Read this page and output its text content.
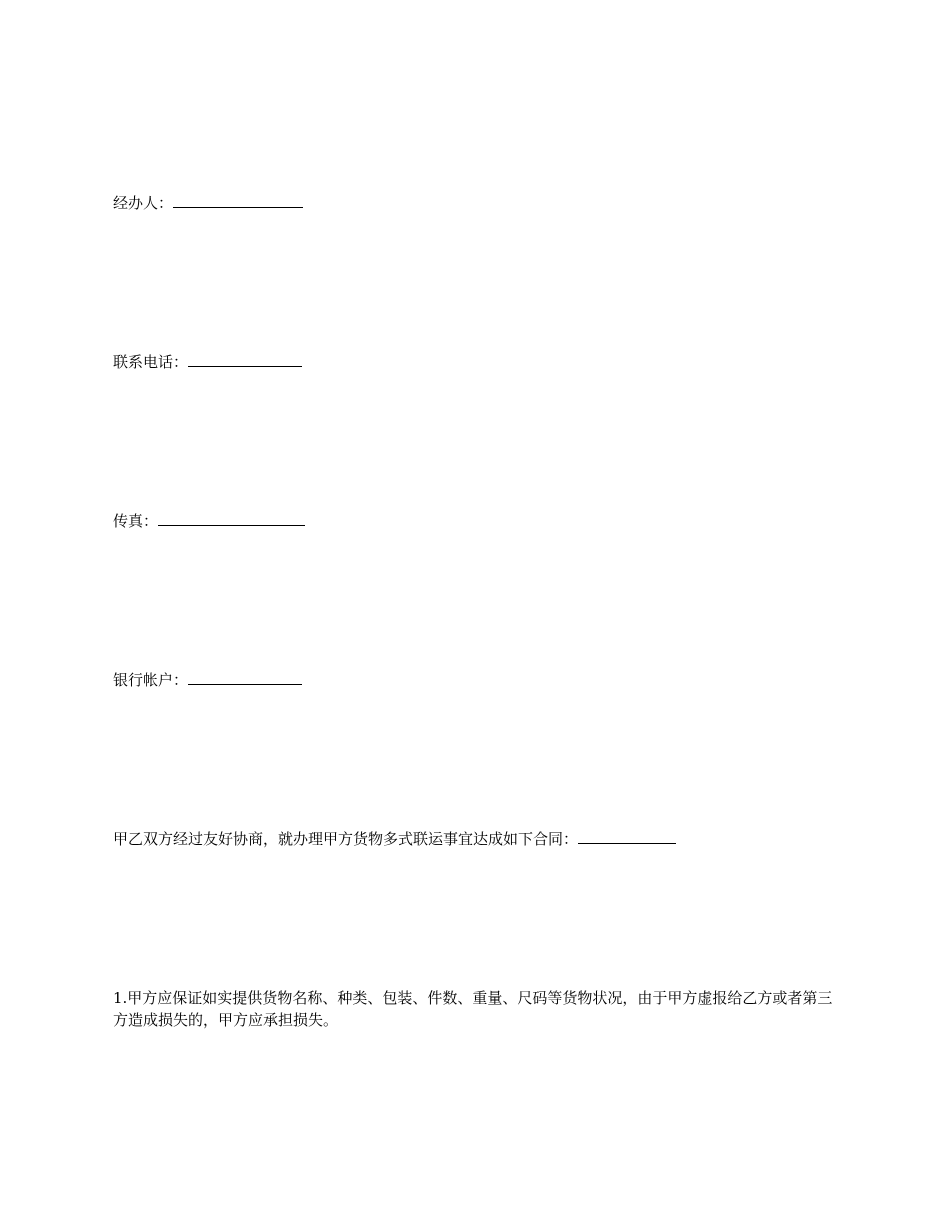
经办人：
联系电话：
传真：
银行帐户：
甲乙双方经过友好协商，就办理甲方货物多式联运事宜达成如下合同：
1.甲方应保证如实提供货物名称、种类、包装、件数、重量、尺码等货物状况，由于甲方虚报给乙方或者第三方造成损失的，甲方应承担损失。
